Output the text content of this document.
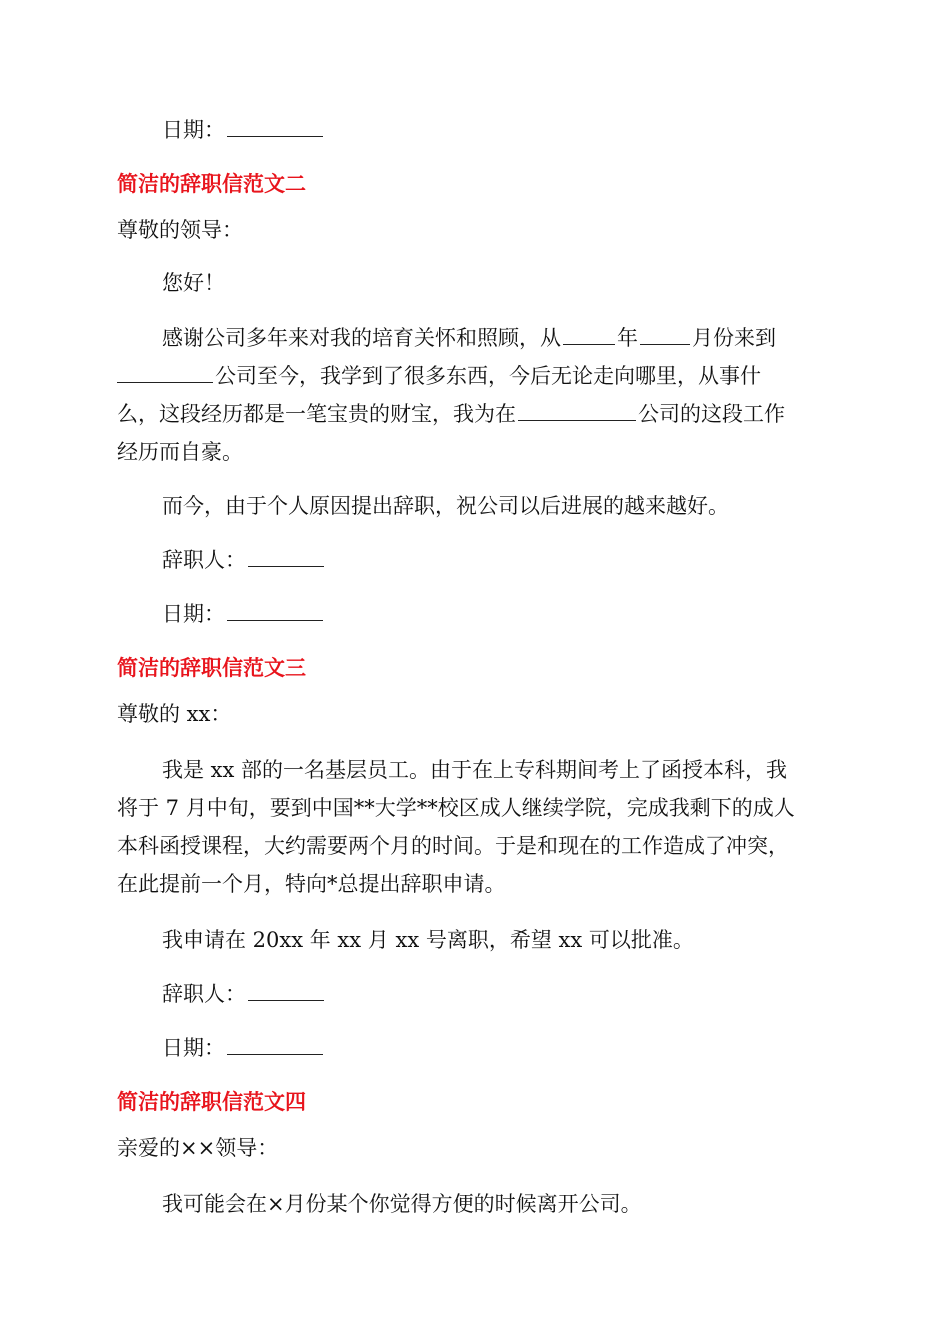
日期：

简洁的辞职信范文二

尊敬的领导：

您好！

感谢公司多年来对我的培育关怀和照顾，从	年	月份来到

公司至今，我学到了很多东西，今后无论走向哪里，从事什

么，这段经历都是一笔宝贵的财宝，我为在	公司的这段工作

经历而自豪。

而今，由于个人原因提出辞职，祝公司以后进展的越来越好。

辞职人：

日期：

简洁的辞职信范文三

尊敬的 xx：

我是 xx 部的一名基层员工。由于在上专科期间考上了函授本科，我

将于 7 月中旬，要到中国**大学**校区成人继续学院，完成我剩下的成人

本科函授课程，大约需要两个月的时间。于是和现在的工作造成了冲突，

在此提前一个月，特向*总提出辞职申请。

我申请在 20xx 年 xx 月 xx 号离职，希望 xx 可以批准。

辞职人：

日期：

简洁的辞职信范文四

亲爱的××领导：

我可能会在×月份某个你觉得方便的时候离开公司。
